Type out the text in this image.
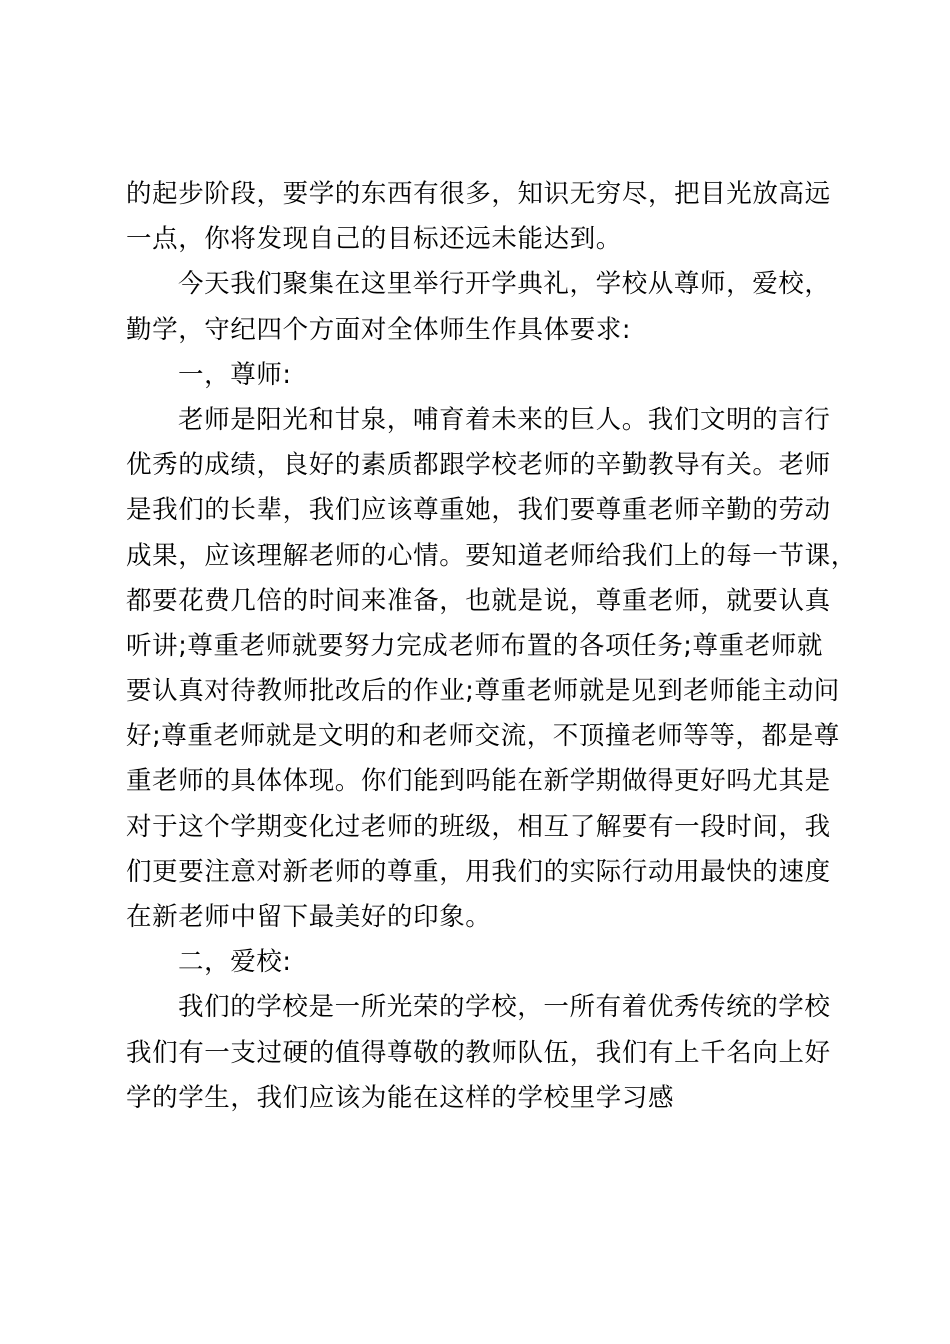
的起步阶段，要学的东西有很多，知识无穷尽，把目光放高远
一点，你将发现自己的目标还远未能达到。
今天我们聚集在这里举行开学典礼，学校从尊师，爱校，
勤学，守纪四个方面对全体师生作具体要求:
一，尊师:
老师是阳光和甘泉，哺育着未来的巨人。我们文明的言行
优秀的成绩，良好的素质都跟学校老师的辛勤教导有关。老师
是我们的长辈，我们应该尊重她，我们要尊重老师辛勤的劳动
成果，应该理解老师的心情。要知道老师给我们上的每一节课，
都要花费几倍的时间来准备，也就是说，尊重老师，就要认真
听讲;尊重老师就要努力完成老师布置的各项任务;尊重老师就
要认真对待教师批改后的作业;尊重老师就是见到老师能主动问
好;尊重老师就是文明的和老师交流，不顶撞老师等等，都是尊
重老师的具体体现。你们能到吗能在新学期做得更好吗尤其是
对于这个学期变化过老师的班级，相互了解要有一段时间，我
们更要注意对新老师的尊重，用我们的实际行动用最快的速度
在新老师中留下最美好的印象。
二，爱校:
我们的学校是一所光荣的学校，一所有着优秀传统的学校
我们有一支过硬的值得尊敬的教师队伍，我们有上千名向上好
学的学生，我们应该为能在这样的学校里学习感
